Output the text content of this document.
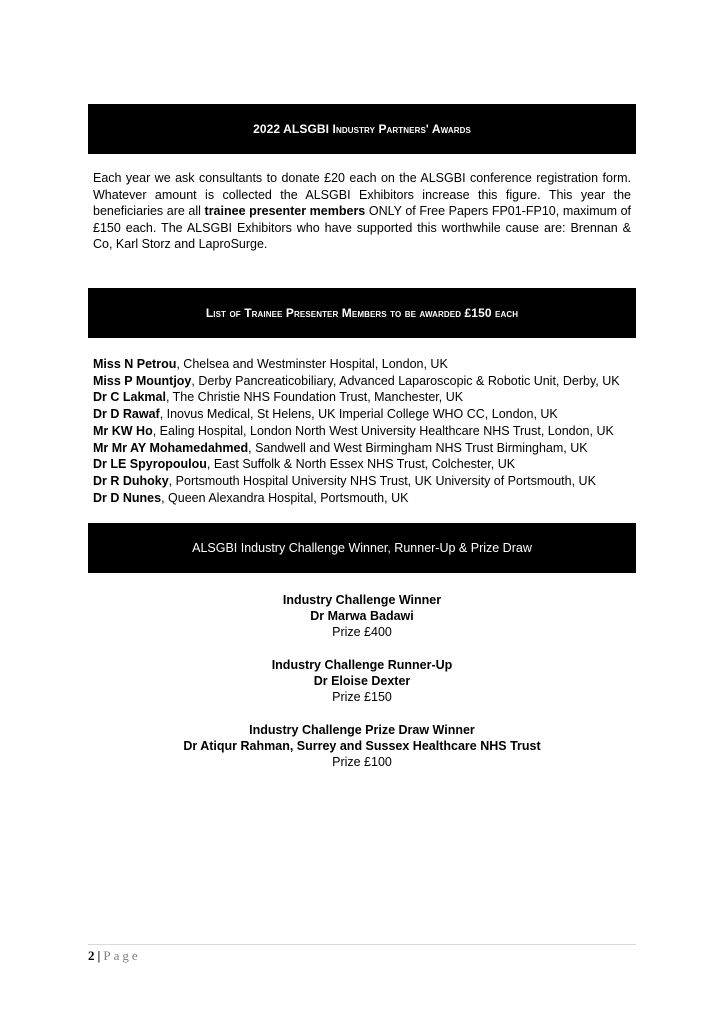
2022 ALSGBI Industry Partners' Awards

Each year we ask consultants to donate £20 each on the ALSGBI conference registration form. Whatever amount is collected the ALSGBI Exhibitors increase this figure. This year the beneficiaries are all trainee presenter members ONLY of Free Papers FP01-FP10, maximum of £150 each. The ALSGBI Exhibitors who have supported this worthwhile cause are: Brennan & Co, Karl Storz and LaproSurge.

List of Trainee Presenter Members to be awarded £150 each
Miss N Petrou, Chelsea and Westminster Hospital, London, UK
Miss P Mountjoy, Derby Pancreaticobiliary, Advanced Laparoscopic & Robotic Unit, Derby, UK
Dr C Lakmal, The Christie NHS Foundation Trust, Manchester, UK
Dr D Rawaf, Inovus Medical, St Helens, UK Imperial College WHO CC, London, UK
Mr KW Ho, Ealing Hospital, London North West University Healthcare NHS Trust, London, UK
Mr Mr AY Mohamedahmed, Sandwell and West Birmingham NHS Trust Birmingham, UK
Dr LE Spyropoulou, East Suffolk & North Essex NHS Trust, Colchester, UK
Dr R Duhoky, Portsmouth Hospital University NHS Trust, UK University of Portsmouth, UK
Dr D Nunes, Queen Alexandra Hospital, Portsmouth, UK
ALSGBI Industry Challenge Winner, Runner-Up & Prize Draw
Industry Challenge Winner
Dr Marwa Badawi
Prize £400
Industry Challenge Runner-Up
Dr Eloise Dexter
Prize £150
Industry Challenge Prize Draw Winner
Dr Atiqur Rahman, Surrey and Sussex Healthcare NHS Trust
Prize £100
2 | Page
